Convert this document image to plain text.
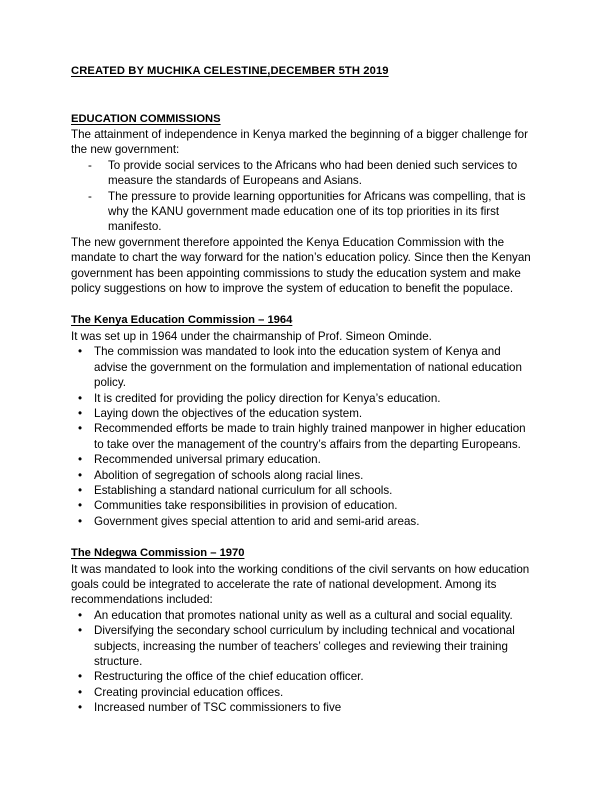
CREATED BY MUCHIKA CELESTINE,DECEMBER 5TH 2019
EDUCATION COMMISSIONS

The attainment of independence in Kenya marked the beginning of a bigger challenge for the new government:

- To provide social services to the Africans who had been denied such services to measure the standards of Europeans and Asians.
- The pressure to provide learning opportunities for Africans was compelling, that is why the KANU government made education one of its top priorities in its first manifesto.

The new government therefore appointed the Kenya Education Commission with the mandate to chart the way forward for the nation’s education policy. Since then the Kenyan government has been appointing commissions to study the education system and make policy suggestions on how to improve the system of education to benefit the populace.

The Kenya Education Commission – 1964

It was set up in 1964 under the chairmanship of Prof. Simeon Ominde.

• The commission was mandated to look into the education system of Kenya and advise the government on the formulation and implementation of national education policy.
• It is credited for providing the policy direction for Kenya’s education.
• Laying down the objectives of the education system.
• Recommended efforts be made to train highly trained manpower in higher education to take over the management of the country’s affairs from the departing Europeans.
• Recommended universal primary education.
• Abolition of segregation of schools along racial lines.
• Establishing a standard national curriculum for all schools.
• Communities take responsibilities in provision of education.
• Government gives special attention to arid and semi-arid areas.
The Ndegwa Commission – 1970

It was mandated to look into the working conditions of the civil servants on how education goals could be integrated to accelerate the rate of national development. Among its recommendations included:

• An education that promotes national unity as well as a cultural and social equality.
• Diversifying the secondary school curriculum by including technical and vocational subjects, increasing the number of teachers’ colleges and reviewing their training structure.
• Restructuring the office of the chief education officer.
• Creating provincial education offices.
• Increased number of TSC commissioners to five
